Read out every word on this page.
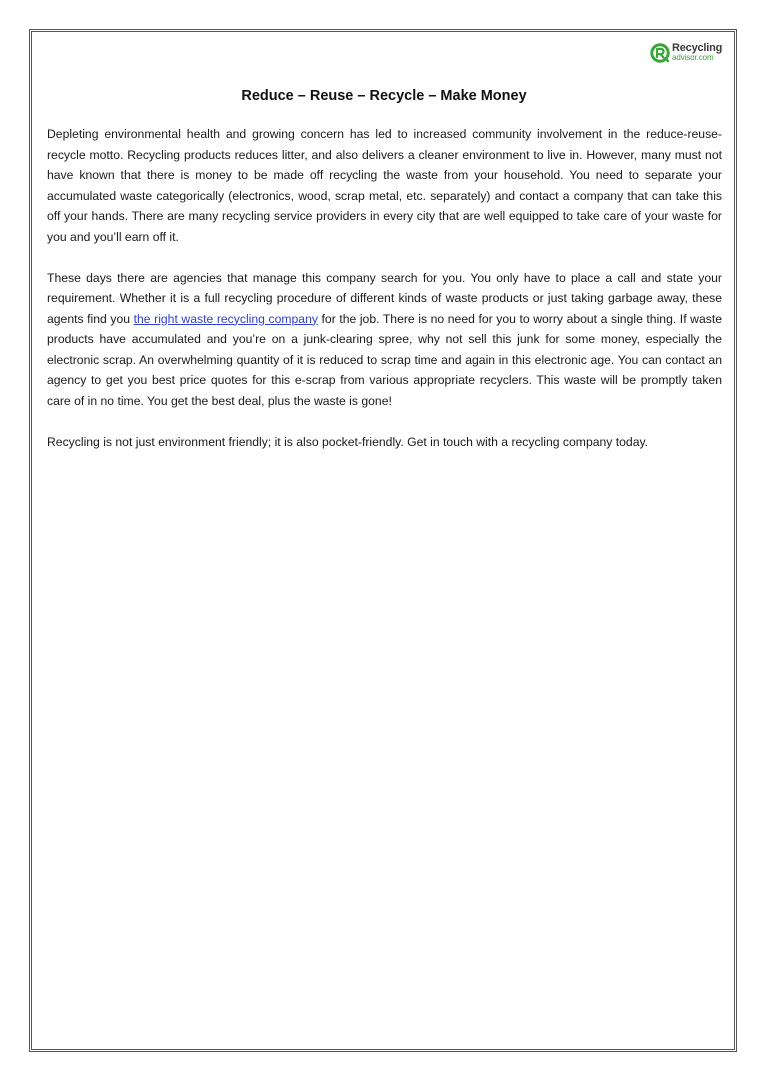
Recycling
advisor.com
Reduce – Reuse – Recycle – Make Money

Depleting environmental health and growing concern has led to increased community involvement in the reduce-reuse-recycle motto. Recycling products reduces litter, and also delivers a cleaner environment to live in. However, many must not have known that there is money to be made off recycling the waste from your household. You need to separate your accumulated waste categorically (electronics, wood, scrap metal, etc. separately) and contact a company that can take this off your hands. There are many recycling service providers in every city that are well equipped to take care of your waste for you and you’ll earn off it.

These days there are agencies that manage this company search for you. You only have to place a call and state your requirement. Whether it is a full recycling procedure of different kinds of waste products or just taking garbage away, these agents find you the right waste recycling company for the job. There is no need for you to worry about a single thing. If waste products have accumulated and you’re on a junk-clearing spree, why not sell this junk for some money, especially the electronic scrap. An overwhelming quantity of it is reduced to scrap time and again in this electronic age. You can contact an agency to get you best price quotes for this e-scrap from various appropriate recyclers. This waste will be promptly taken care of in no time. You get the best deal, plus the waste is gone!

Recycling is not just environment friendly; it is also pocket-friendly. Get in touch with a recycling company today.
